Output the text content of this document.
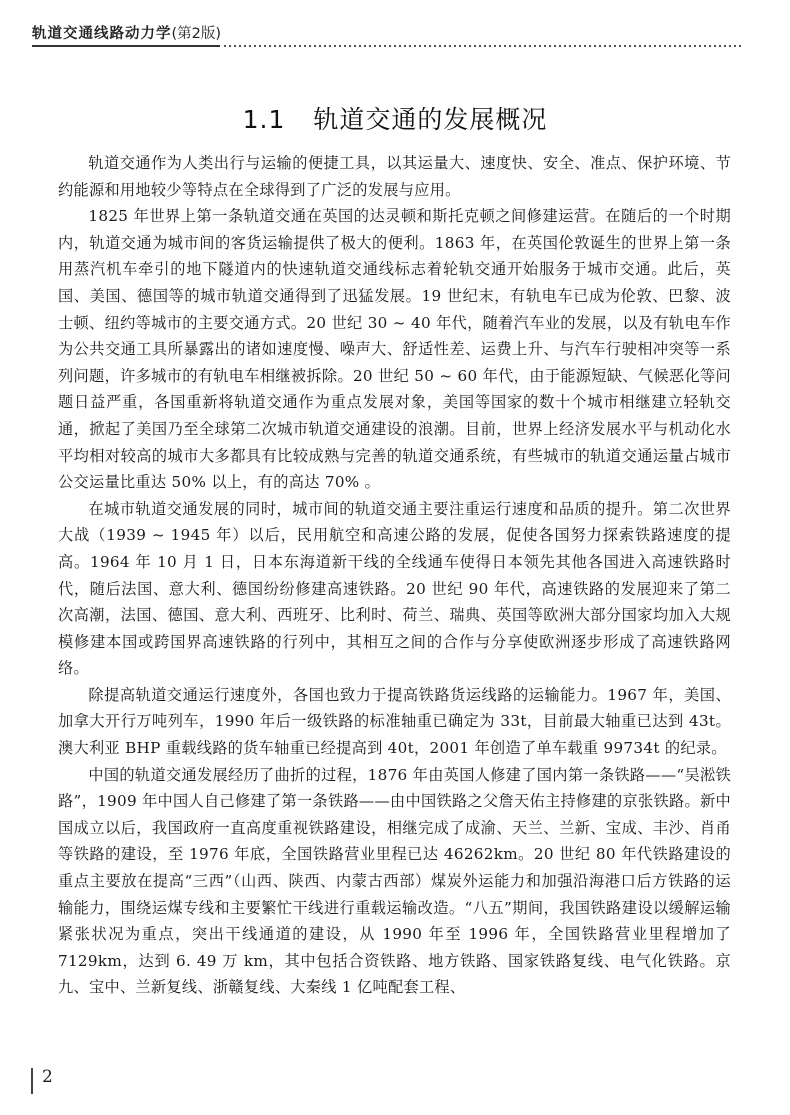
轨道交通线路动力学(第2版)
1.1 轨道交通的发展概况

轨道交通作为人类出行与运输的便捷工具，以其运量大、速度快、安全、准点、保护环境、节约能源和用地较少等特点在全球得到了广泛的发展与应用。

1825 年世界上第一条轨道交通在英国的达灵顿和斯托克顿之间修建运营。在随后的一个时期内，轨道交通为城市间的客货运输提供了极大的便利。1863 年，在英国伦敦诞生的世界上第一条用蒸汽机车牵引的地下隧道内的快速轨道交通线标志着轮轨交通开始服务于城市交通。此后，英国、美国、德国等的城市轨道交通得到了迅猛发展。19 世纪末，有轨电车已成为伦敦、巴黎、波士顿、纽约等城市的主要交通方式。20 世纪 30 ~ 40 年代，随着汽车业的发展，以及有轨电车作为公共交通工具所暴露出的诸如速度慢、噪声大、舒适性差、运费上升、与汽车行驶相冲突等一系列问题，许多城市的有轨电车相继被拆除。20 世纪 50 ~ 60 年代，由于能源短缺、气候恶化等问题日益严重，各国重新将轨道交通作为重点发展对象，美国等国家的数十个城市相继建立轻轨交通，掀起了美国乃至全球第二次城市轨道交通建设的浪潮。目前，世界上经济发展水平与机动化水平均相对较高的城市大多都具有比较成熟与完善的轨道交通系统，有些城市的轨道交通运量占城市公交运量比重达 50% 以上，有的高达 70% 。

在城市轨道交通发展的同时，城市间的轨道交通主要注重运行速度和品质的提升。第二次世界大战（1939 ~ 1945 年）以后，民用航空和高速公路的发展，促使各国努力探索铁路速度的提高。1964 年 10 月 1 日，日本东海道新干线的全线通车使得日本领先其他各国进入高速铁路时代，随后法国、意大利、德国纷纷修建高速铁路。20 世纪 90 年代，高速铁路的发展迎来了第二次高潮，法国、德国、意大利、西班牙、比利时、荷兰、瑞典、英国等欧洲大部分国家均加入大规模修建本国或跨国界高速铁路的行列中，其相互之间的合作与分享使欧洲逐步形成了高速铁路网络。

除提高轨道交通运行速度外，各国也致力于提高铁路货运线路的运输能力。1967 年，美国、加拿大开行万吨列车，1990 年后一级铁路的标准轴重已确定为 33t，目前最大轴重已达到 43t。澳大利亚 BHP 重载线路的货车轴重已经提高到 40t，2001 年创造了单车载重 99734t 的纪录。

中国的轨道交通发展经历了曲折的过程，1876 年由英国人修建了国内第一条铁路——“吴淞铁路”，1909 年中国人自己修建了第一条铁路——由中国铁路之父詹天佑主持修建的京张铁路。新中国成立以后，我国政府一直高度重视铁路建设，相继完成了成渝、天兰、兰新、宝成、丰沙、肖甬等铁路的建设，至 1976 年底，全国铁路营业里程已达 46262km。20 世纪 80 年代铁路建设的重点主要放在提高“三西”（山西、陕西、内蒙古西部）煤炭外运能力和加强沿海港口后方铁路的运输能力，围绕运煤专线和主要繁忙干线进行重载运输改造。“八五”期间，我国铁路建设以缓解运输紧张状况为重点，突出干线通道的建设，从 1990 年至 1996 年，全国铁路营业里程增加了 7129km，达到 6. 49 万 km，其中包括合资铁路、地方铁路、国家铁路复线、电气化铁路。京九、宝中、兰新复线、浙赣复线、大秦线 1 亿吨配套工程、

2
